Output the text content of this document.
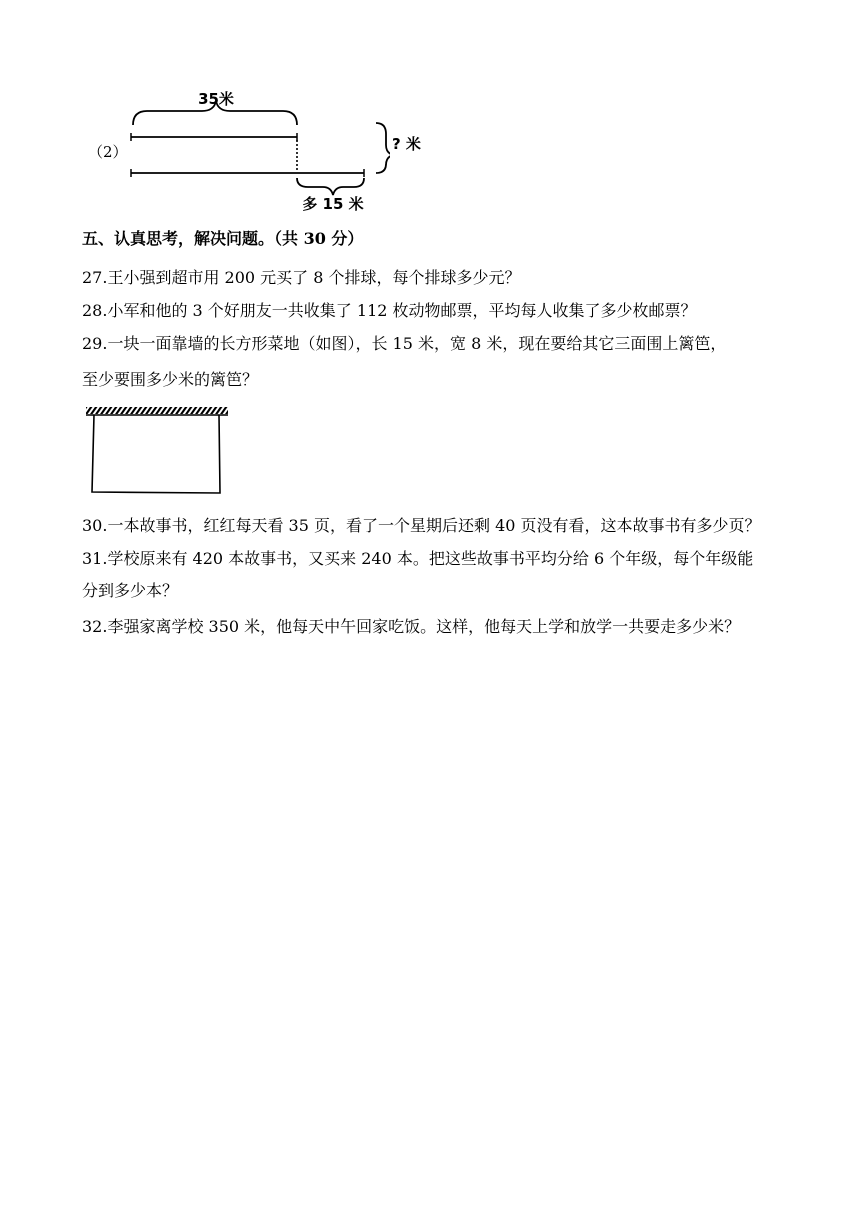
（2）
35米
? 米
多 15 米
五、认真思考，解决问题。（共 30 分）
27.王小强到超市用 200 元买了 8 个排球，每个排球多少元？
28.小军和他的 3 个好朋友一共收集了 112 枚动物邮票，平均每人收集了多少枚邮票？
29.一块一面靠墙的长方形菜地（如图），长 15 米，宽 8 米，现在要给其它三面围上篱笆，
至少要围多少米的篱笆？
30.一本故事书，红红每天看 35 页，看了一个星期后还剩 40 页没有看，这本故事书有多少页？
31.学校原来有 420 本故事书，又买来 240 本。把这些故事书平均分给 6 个年级，每个年级能
分到多少本？
32.李强家离学校 350 米，他每天中午回家吃饭。这样，他每天上学和放学一共要走多少米？
